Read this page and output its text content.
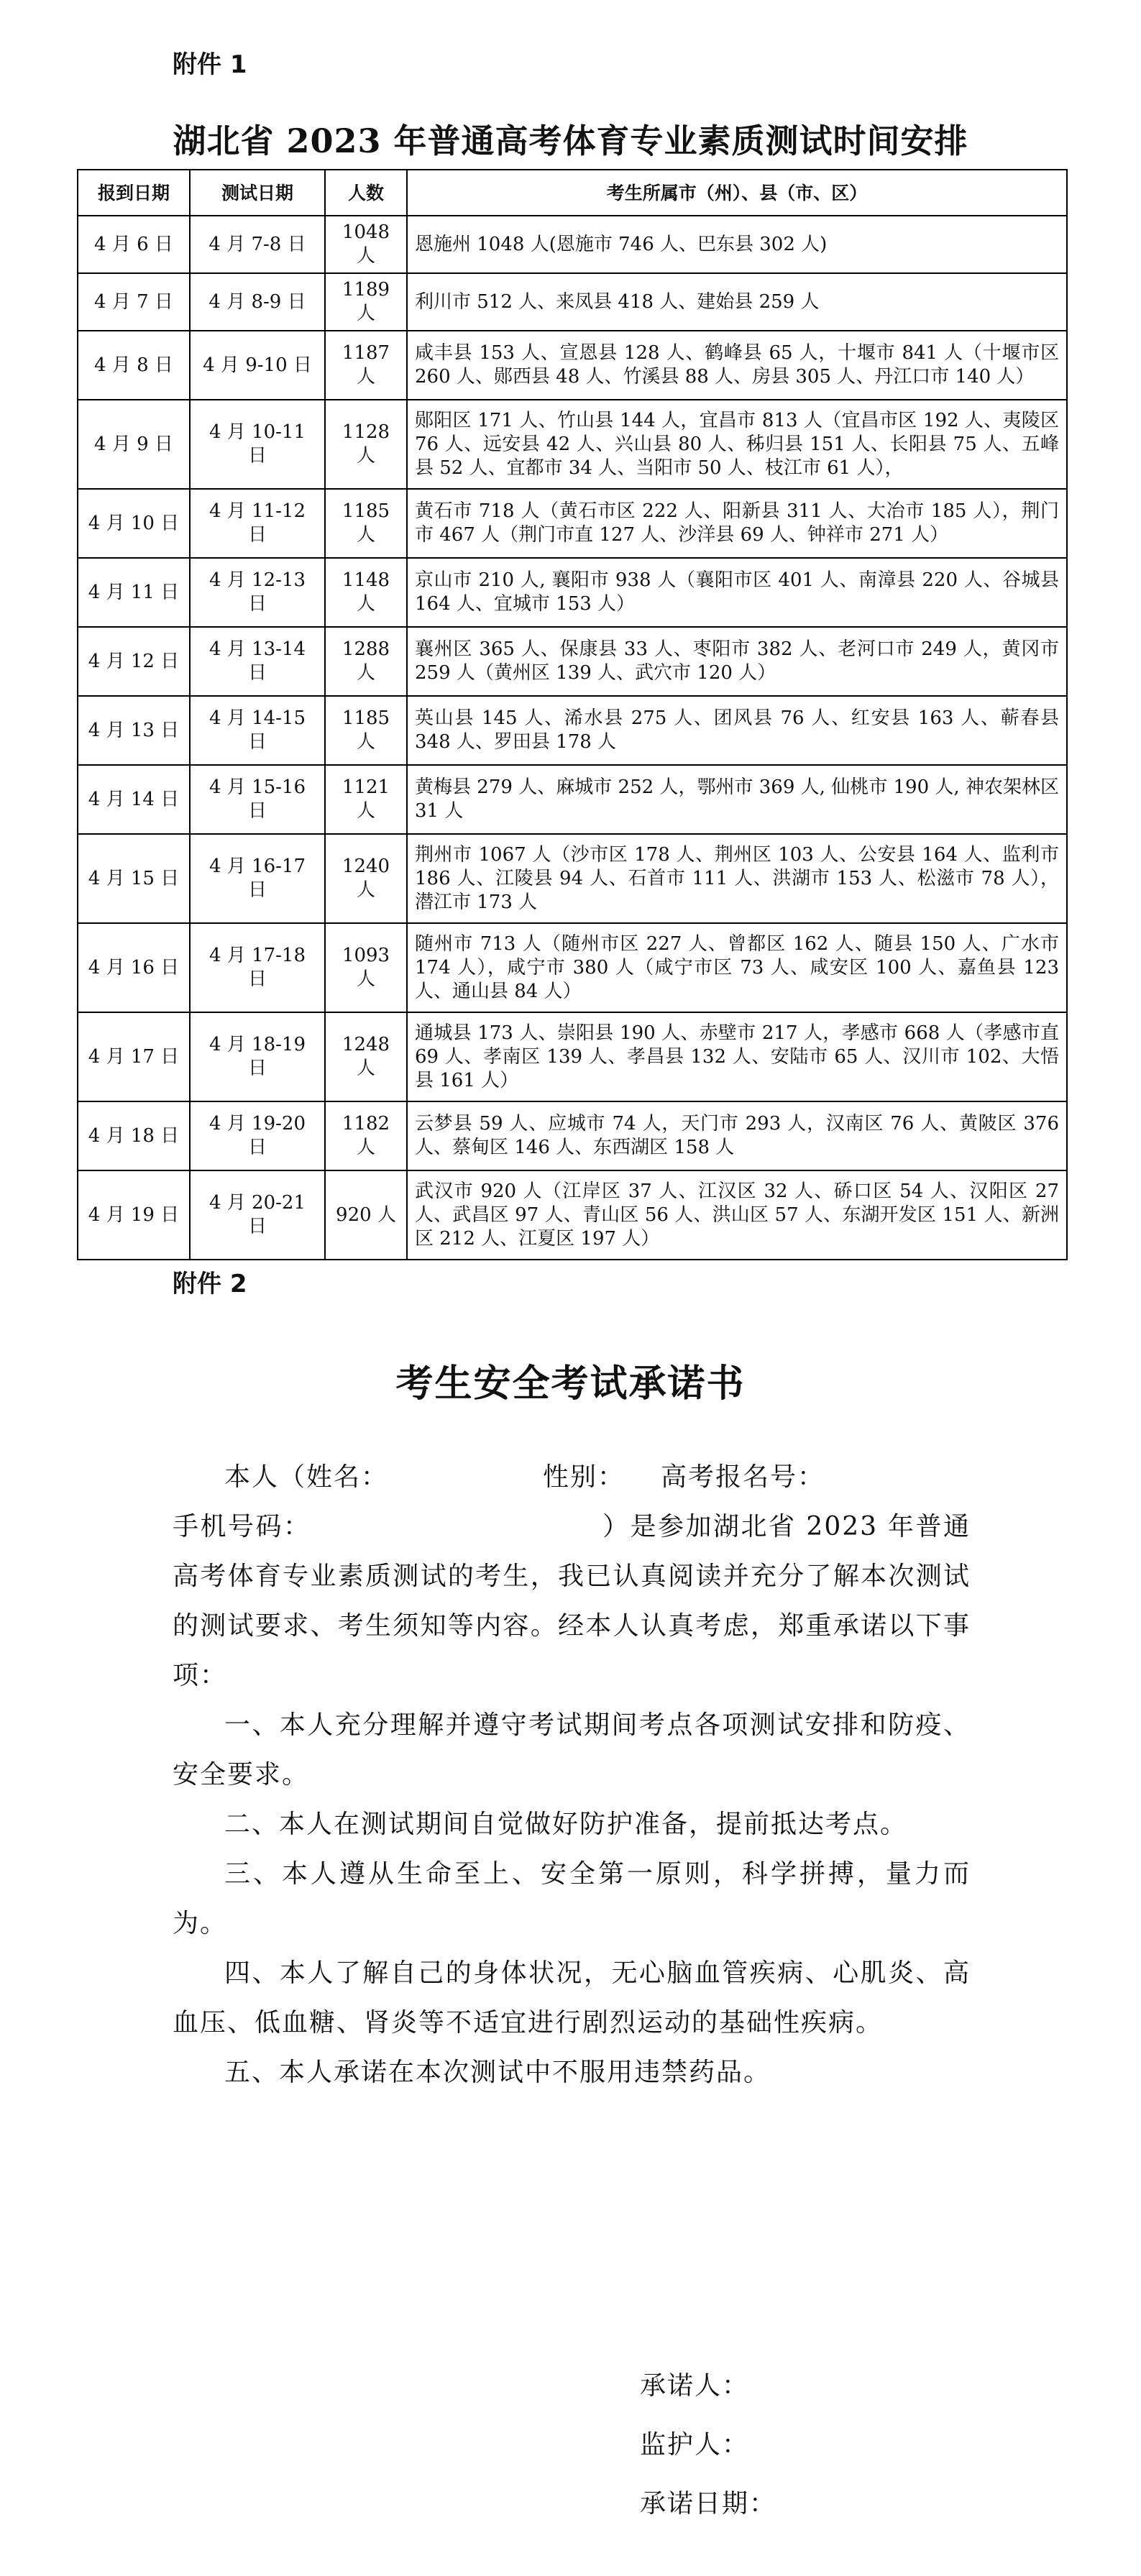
附件 1
湖北省 2023 年普通高考体育专业素质测试时间安排
报到日期	测试日期	人数	考生所属市（州）、县（市、区）
4 月 6 日	4 月 7-8 日	1048 人	恩施州 1048 人(恩施市 746 人、巴东县 302 人)
4 月 7 日	4 月 8-9 日	1189 人	利川市 512 人、来凤县 418 人、建始县 259 人
4 月 8 日	4 月 9-10 日	1187 人	咸丰县 153 人、宣恩县 128 人、鹤峰县 65 人，十堰市 841 人（十堰市区 260 人、郧西县 48 人、竹溪县 88 人、房县 305 人、丹江口市 140 人）
4 月 9 日	4 月 10-11 日	1128 人	郧阳区 171 人、竹山县 144 人，宜昌市 813 人（宜昌市区 192 人、夷陵区 76 人、远安县 42 人、兴山县 80 人、秭归县 151 人、长阳县 75 人、五峰县 52 人、宜都市 34 人、当阳市 50 人、枝江市 61 人），
4 月 10 日	4 月 11-12 日	1185 人	黄石市 718 人（黄石市区 222 人、阳新县 311 人、大冶市 185 人），荆门市 467 人（荆门市直 127 人、沙洋县 69 人、钟祥市 271 人）
4 月 11 日	4 月 12-13 日	1148 人	京山市 210 人, 襄阳市 938 人（襄阳市区 401 人、南漳县 220 人、谷城县 164 人、宜城市 153 人）
4 月 12 日	4 月 13-14 日	1288 人	襄州区 365 人、保康县 33 人、枣阳市 382 人、老河口市 249 人，黄冈市 259 人（黄州区 139 人、武穴市 120 人）
4 月 13 日	4 月 14-15 日	1185 人	英山县 145 人、浠水县 275 人、团风县 76 人、红安县 163 人、蕲春县 348 人、罗田县 178 人
4 月 14 日	4 月 15-16 日	1121 人	黄梅县 279 人、麻城市 252 人，鄂州市 369 人, 仙桃市 190 人, 神农架林区 31 人
4 月 15 日	4 月 16-17 日	1240 人	荆州市 1067 人（沙市区 178 人、荆州区 103 人、公安县 164 人、监利市 186 人、江陵县 94 人、石首市 111 人、洪湖市 153 人、松滋市 78 人），潜江市 173 人
4 月 16 日	4 月 17-18 日	1093 人	随州市 713 人（随州市区 227 人、曾都区 162 人、随县 150 人、广水市 174 人），咸宁市 380 人（咸宁市区 73 人、咸安区 100 人、嘉鱼县 123 人、通山县 84 人）
4 月 17 日	4 月 18-19 日	1248 人	通城县 173 人、崇阳县 190 人、赤壁市 217 人，孝感市 668 人（孝感市直 69 人、孝南区 139 人、孝昌县 132 人、安陆市 65 人、汉川市 102、大悟县 161 人）
4 月 18 日	4 月 19-20 日	1182 人	云梦县 59 人、应城市 74 人，天门市 293 人，汉南区 76 人、黄陂区 376 人、蔡甸区 146 人、东西湖区 158 人
4 月 19 日	4 月 20-21 日	920 人	武汉市 920 人（江岸区 37 人、江汉区 32 人、硚口区 54 人、汉阳区 27 人、武昌区 97 人、青山区 56 人、洪山区 57 人、东湖开发区 151 人、新洲区 212 人、江夏区 197 人）
附件 2
考生安全考试承诺书

本人（姓名：	性别： 高考报名号：
手机号码：	）是参加湖北省 2023 年普通高考体育专业素质测试的考生，我已认真阅读并充分了解本次测试的测试要求、考生须知等内容。经本人认真考虑，郑重承诺以下事项：

一、本人充分理解并遵守考试期间考点各项测试安排和防疫、安全要求。

二、本人在测试期间自觉做好防护准备，提前抵达考点。

三、本人遵从生命至上、安全第一原则，科学拼搏，量力而为。

四、本人了解自己的身体状况，无心脑血管疾病、心肌炎、高血压、低血糖、肾炎等不适宜进行剧烈运动的基础性疾病。

五、本人承诺在本次测试中不服用违禁药品。

承诺人：
监护人：
承诺日期：
